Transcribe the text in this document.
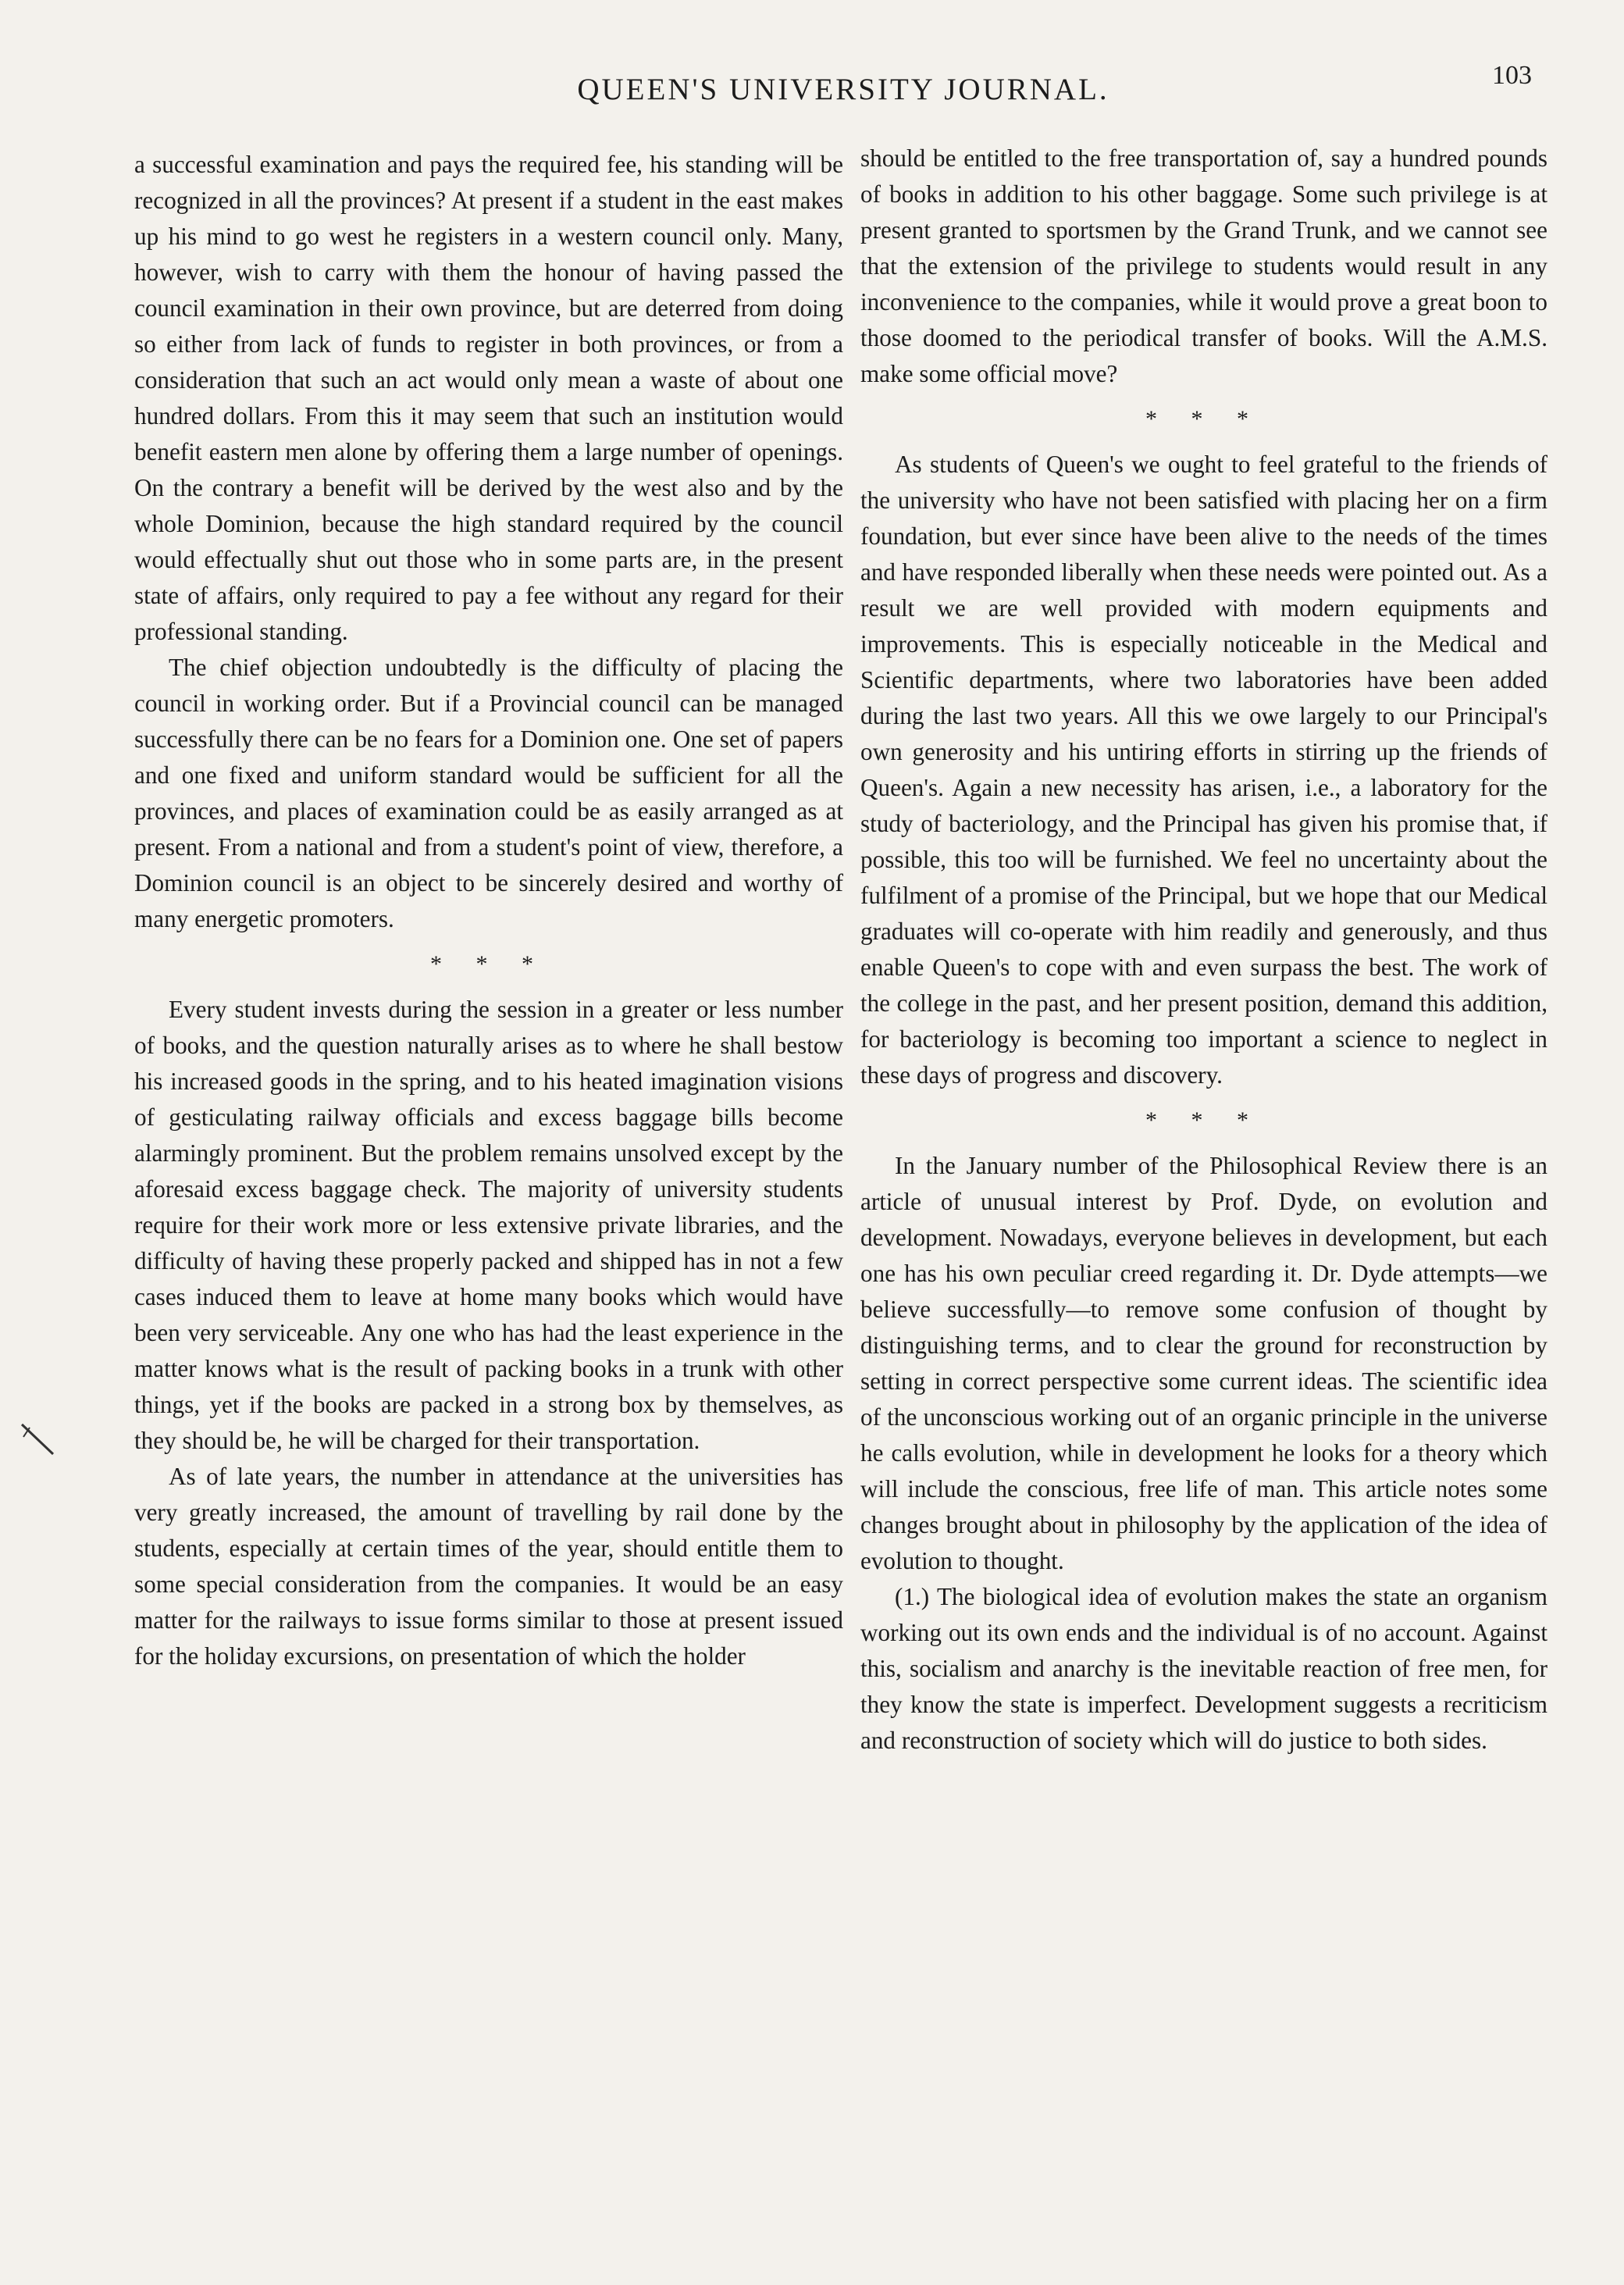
QUEEN'S UNIVERSITY JOURNAL.	103

a successful examination and pays the required fee, his standing will be recognized in all the provinces? At present if a student in the east makes up his mind to go west he registers in a western council only. Many, however, wish to carry with them the honour of having passed the council examination in their own province, but are deterred from doing so either from lack of funds to register in both provinces, or from a consideration that such an act would only mean a waste of about one hundred dollars. From this it may seem that such an institution would benefit eastern men alone by offering them a large number of openings. On the contrary a benefit will be derived by the west also and by the whole Dominion, because the high standard required by the council would effectually shut out those who in some parts are, in the present state of affairs, only required to pay a fee without any regard for their professional standing.

The chief objection undoubtedly is the difficulty of placing the council in working order. But if a Provincial council can be managed successfully there can be no fears for a Dominion one. One set of papers and one fixed and uniform standard would be sufficient for all the provinces, and places of examination could be as easily arranged as at present. From a national and from a student's point of view, therefore, a Dominion council is an object to be sincerely desired and worthy of many energetic promoters.

* * *

Every student invests during the session in a greater or less number of books, and the question naturally arises as to where he shall bestow his increased goods in the spring, and to his heated imagination visions of gesticulating railway officials and excess baggage bills become alarmingly prominent. But the problem remains unsolved except by the aforesaid excess baggage check. The majority of university students require for their work more or less extensive private libraries, and the difficulty of having these properly packed and shipped has in not a few cases induced them to leave at home many books which would have been very serviceable. Any one who has had the least experience in the matter knows what is the result of packing books in a trunk with other things, yet if the books are packed in a strong box by themselves, as they should be, he will be charged for their transportation.

As of late years, the number in attendance at the universities has very greatly increased, the amount of travelling by rail done by the students, especially at certain times of the year, should entitle them to some special consideration from the companies. It would be an easy matter for the railways to issue forms similar to those at present issued for the holiday excursions, on presentation of which the holder

should be entitled to the free transportation of, say a hundred pounds of books in addition to his other baggage. Some such privilege is at present granted to sportsmen by the Grand Trunk, and we cannot see that the extension of the privilege to students would result in any inconvenience to the companies, while it would prove a great boon to those doomed to the periodical transfer of books. Will the A.M.S. make some official move?

* * *

As students of Queen's we ought to feel grateful to the friends of the university who have not been satisfied with placing her on a firm foundation, but ever since have been alive to the needs of the times and have responded liberally when these needs were pointed out. As a result we are well provided with modern equipments and improvements. This is especially noticeable in the Medical and Scientific departments, where two laboratories have been added during the last two years. All this we owe largely to our Principal's own generosity and his untiring efforts in stirring up the friends of Queen's. Again a new necessity has arisen, i.e., a laboratory for the study of bacteriology, and the Principal has given his promise that, if possible, this too will be furnished. We feel no uncertainty about the fulfilment of a promise of the Principal, but we hope that our Medical graduates will co-operate with him readily and generously, and thus enable Queen's to cope with and even surpass the best. The work of the college in the past, and her present position, demand this addition, for bacteriology is becoming too important a science to neglect in these days of progress and discovery.

* * *

In the January number of the Philosophical Review there is an article of unusual interest by Prof. Dyde, on evolution and development. Nowadays, everyone believes in development, but each one has his own peculiar creed regarding it. Dr. Dyde attempts—we believe successfully—to remove some confusion of thought by distinguishing terms, and to clear the ground for reconstruction by setting in correct perspective some current ideas. The scientific idea of the unconscious working out of an organic principle in the universe he calls evolution, while in development he looks for a theory which will include the conscious, free life of man. This article notes some changes brought about in philosophy by the application of the idea of evolution to thought.

(1.) The biological idea of evolution makes the state an organism working out its own ends and the individual is of no account. Against this, socialism and anarchy is the inevitable reaction of free men, for they know the state is imperfect. Development suggests a recriticism and reconstruction of society which will do justice to both sides.
